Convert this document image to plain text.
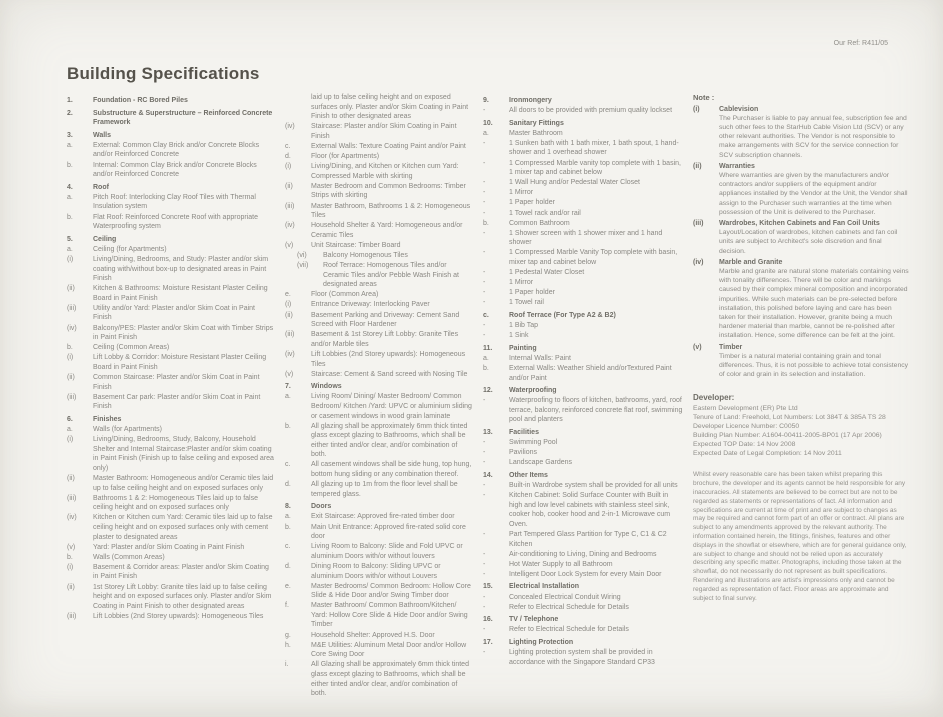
Our Ref: R411/05
Building Specifications
1.	Foundation - RC Bored Piles
2.	Substructure & Superstructure – Reinforced Concrete Framework
3.	Walls
a.	External: Common Clay Brick and/or Concrete Blocks and/or Reinforced Concrete
b.	Internal: Common Clay Brick and/or Concrete Blocks and/or Reinforced Concrete
4.	Roof
a.	Pitch Roof: Interlocking Clay Roof Tiles with Thermal Insulation system
b.	Flat Roof: Reinforced Concrete Roof with appropriate Waterproofing system
5.	Ceiling
a.	Ceiling (for Apartments)
(i)	Living/Dining, Bedrooms, and Study: Plaster and/or skim coating with/without box-up to designated areas in Paint Finish
(ii)	Kitchen & Bathrooms: Moisture Resistant Plaster Ceiling Board in Paint Finish
(iii)	Utility and/or Yard: Plaster and/or Skim Coat in Paint Finish
(iv)	Balcony/PES: Plaster and/or Skim Coat with Timber Strips in Paint Finish
b.	Ceiling (Common Areas)
(i)	Lift Lobby & Corridor: Moisture Resistant Plaster Ceiling Board in Paint Finish
(ii)	Common Staircase: Plaster and/or Skim Coat in Paint Finish
(iii)	Basement Car park: Plaster and/or Skim Coat in Paint Finish
6.	Finishes
a.	Walls (for Apartments)
(i)	Living/Dining, Bedrooms, Study, Balcony, Household Shelter and Internal Staircase:Plaster and/or skim coating in Paint Finish (Finish up to false ceiling and exposed area only)
(ii)	Master Bathroom: Homogeneous and/or Ceramic tiles laid up to false ceiling height and on exposed surfaces only
(iii)	Bathrooms 1 & 2: Homogeneous Tiles laid up to false ceiling height and on exposed surfaces only
(iv)	Kitchen or Kitchen cum Yard: Ceramic tiles laid up to false ceiling height and on exposed surfaces only with cement plaster to designated areas
(v)	Yard: Plaster and/or Skim Coating in Paint Finish
b.	Walls (Common Areas)
(i)	Basement & Corridor areas: Plaster and/or Skim Coating in Paint Finish
(ii)	1st Storey Lift Lobby: Granite tiles laid up to false ceiling height and on exposed surfaces only. Plaster and/or Skim Coating in Paint Finish to other designated areas
(iii)	Lift Lobbies (2nd Storey upwards): Homogeneous Tiles
laid up to false ceiling height and on exposed surfaces only. Plaster and/or Skim Coating in Paint Finish to other designated areas
(iv)	Staircase: Plaster and/or Skim Coating in Paint Finish
c.	External Walls: Texture Coating Paint and/or Paint
d.	Floor (for Apartments)
(i)	Living/Dining, and Kitchen or Kitchen cum Yard: Compressed Marble with skirting
(ii)	Master Bedroom and Common Bedrooms: Timber Strips with skirting
(iii)	Master Bathroom, Bathrooms 1 & 2: Homogeneous Tiles
(iv)	Household Shelter & Yard: Homogeneous and/or Ceramic Tiles
(v)	Unit Staircase: Timber Board
(vi)	Balcony Homogenous Tiles
(vii)	Roof Terrace: Homogenous Tiles and/or Ceramic Tiles and/or Pebble Wash Finish at designated areas
e.	Floor (Common Area)
(i)	Entrance Driveway: Interlocking Paver
(ii)	Basement Parking and Driveway: Cement Sand Screed with Floor Hardener
(iii)	Basement & 1st Storey Lift Lobby: Granite Tiles and/or Marble tiles
(iv)	Lift Lobbies (2nd Storey upwards): Homogeneous Tiles
(v)	Staircase: Cement & Sand screed with Nosing Tile
7.	Windows
a.	Living Room/ Dining/ Master Bedroom/ Common Bedroom/ Kitchen /Yard: UPVC or aluminium sliding or casement windows in wood grain laminate
b.	All glazing shall be approximately 6mm thick tinted glass except glazing to Bathrooms, which shall be either tinted and/or clear, and/or combination of both.
c.	All casement windows shall be side hung, top hung, bottom hung sliding or any combination thereof.
d.	All glazing up to 1m from the floor level shall be tempered glass.
8.	Doors
a.	Exit Staircase: Approved fire-rated timber door
b.	Main Unit Entrance: Approved fire-rated solid core door
c.	Living Room to Balcony: Slide and Fold UPVC or aluminium Doors with/or without louvers
d.	Dining Room to Balcony: Sliding UPVC or aluminium Doors with/or without Louvers
e.	Master Bedrooms/ Common Bedroom: Hollow Core Slide & Hide Door and/or Swing Timber door
f.	Master Bathroom/ Common Bathroom/Kitchen/ Yard: Hollow Core Slide & Hide Door and/or Swing Timber
g.	Household Shelter: Approved H.S. Door
h.	M&E Utilities: Aluminum Metal Door and/or Hollow Core Swing Door
i.	All Glazing shall be approximately 6mm thick tinted glass except glazing to Bathrooms, which shall be either tinted and/or clear, and/or combination of both.
9.	Ironmongery
-	All doors to be provided with premium quality lockset
10.	Sanitary Fittings
a.	Master Bathroom
-	1 Sunken bath with 1 bath mixer, 1 bath spout, 1 hand-shower and 1 overhead shower
-	1 Compressed Marble vanity top complete with 1 basin, 1 mixer tap and cabinet below
-	1 Wall Hung and/or Pedestal Water Closet
-	1 Mirror
-	1 Paper holder
-	1 Towel rack and/or rail
b.	Common Bathroom
-	1 Shower screen with 1 shower mixer and 1 hand shower
-	1 Compressed Marble Vanity Top complete with basin, mixer tap and cabinet below
-	1 Pedestal Water Closet
-	1 Mirror
-	1 Paper holder
-	1 Towel rail
c.	Roof Terrace (For Type A2 & B2)
-	1 Bib Tap
-	1 Sink
11.	Painting
a.	Internal Walls: Paint
b.	External Walls: Weather Shield and/orTextured Paint and/or Paint
12.	Waterproofing
-	Waterproofing to floors of kitchen, bathrooms, yard, roof terrace, balcony, reinforced concrete flat roof, swimming pool and planters
13.	Facilities
-	Swimming Pool
-	Pavilions
-	Landscape Gardens
14.	Other Items
-	Built-in Wardrobe system shall be provided for all units
-	Kitchen Cabinet: Solid Surface Counter with Built in high and low level cabinets with stainless steel sink, cooker hob, cooker hood and 2-in-1 Microwave cum Oven.
-	Part Tempered Glass Partition for Type C, C1 & C2 Kitchen
-	Air-conditioning to Living, Dining and Bedrooms
-	Hot Water Supply to all Bathroom
-	Intelligent Door Lock System for every Main Door
15.	Electrical Installation
-	Concealed Electrical Conduit Wiring
-	Refer to Electrical Schedule for Details
16.	TV / Telephone
-	Refer to Electrical Schedule for Details
17.	Lighting Protection
-	Lighting protection system shall be provided in accordance with the Singapore Standard CP33
Note :
(i)	Cablevision
The Purchaser is liable to pay annual fee, subscription fee and such other fees to the StarHub Cable Vision Ltd (SCV) or any other relevant authorities. The Vendor is not responsible to make arrangements with SCV for the service connection for SCV subscription channels.
(ii)	Warranties
Where warranties are given by the manufacturers and/or contractors and/or suppliers of the equipment and/or appliances installed by the Vendor at the Unit, the Vendor shall assign to the Purchaser such warranties at the time when possession of the Unit is delivered to the Purchaser.
(iii)	Wardrobes, Kitchen Cabinets and Fan Coil Units
Layout/Location of wardrobes, kitchen cabinets and fan coil units are subject to Architect's sole discretion and final decision.
(iv)	Marble and Granite
Marble and granite are natural stone materials containing veins with tonality differences. There will be color and markings caused by their complex mineral composition and incorporated impurities. While such materials can be pre-selected before installation, this polished before laying and care has been taken for their installation. However, granite being a much hardener material than marble, cannot be re-polished after installation. Hence, some difference can be felt at the joint.
(v)	Timber
Timber is a natural material containing grain and tonal differences. Thus, it is not possible to achieve total consistency of color and grain in its selection and installation.
Developer:
Eastern Development (ER) Pte Ltd
Tenure of Land: Freehold, Lot Numbers: Lot 384T & 385A TS 28
Developer Licence Number: C0050
Building Plan Number: A1604-00411-2005-BP01 (17 Apr 2006)
Expected TOP Date: 14 Nov 2008
Expected Date of Legal Completion: 14 Nov 2011
Whilst every reasonable care has been taken whilst preparing this brochure, the developer and its agents cannot be held responsible for any inaccuracies. All statements are believed to be correct but are not to be regarded as statements or representations of fact. All information and specifications are current at time of print and are subject to changes as may be required and cannot form part of an offer or contract. All plans are subject to any amendments approved by the relevant authority. The information contained herein, the fittings, finishes, features and other displays in the showflat or elsewhere, which are for general guidance only, are subject to change and should not be relied upon as accurately describing any specific matter. Photographs, including those taken at the showflat, do not necessarily do not represent as built specifications. Rendering and illustrations are artist's impressions only and cannot be regarded as representation of fact. Floor areas are approximate and subject to final survey.
